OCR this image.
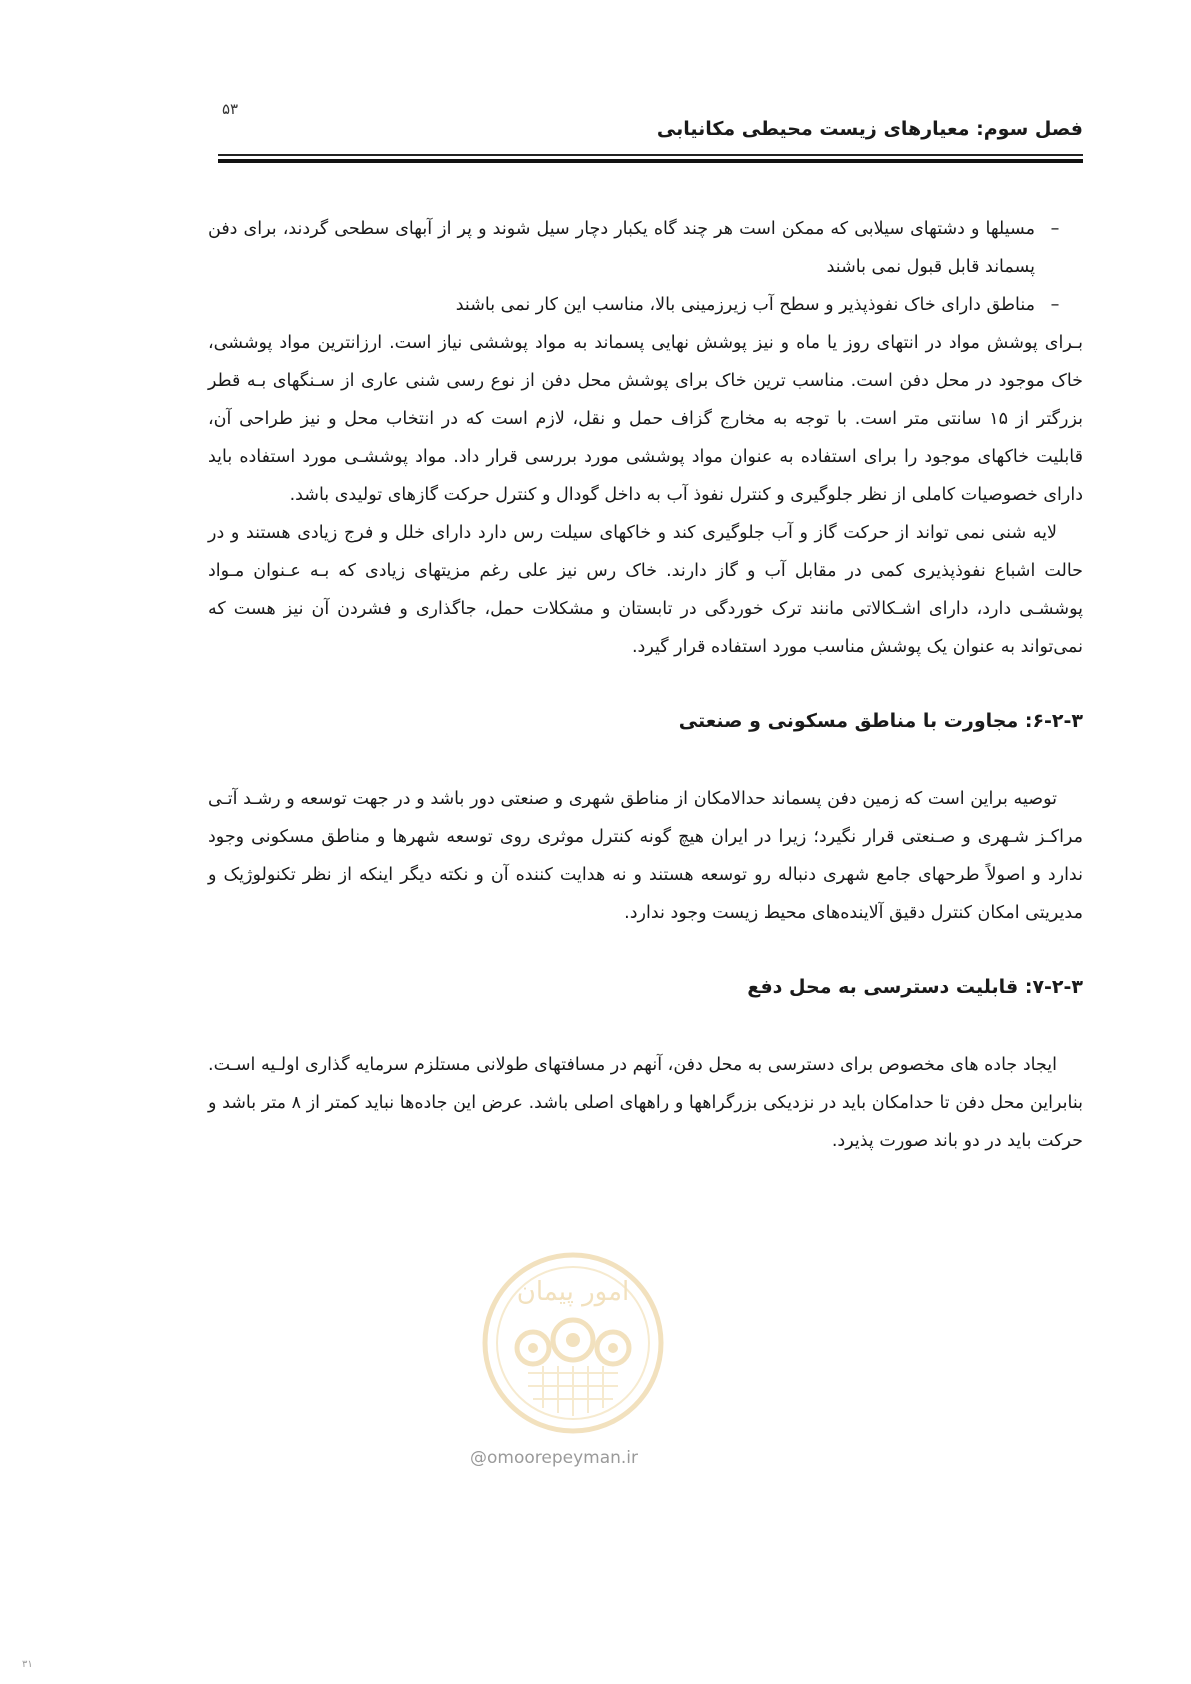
۵۳
فصل سوم: معیارهای زیست محیطی مکانیابی
–
مسیلها و دشتهای سیلابی که ممکن است هر چند گاه یکبار دچار سیل شوند و پر از آبهای سطحی گردند، برای دفن پسماند قابل قبول نمی باشند
–
مناطق دارای خاک نفوذپذیر و سطح آب زیرزمینی بالا، مناسب این کار نمی باشند

بـرای پوشش مواد در انتهای روز یا ماه و نیز پوشش نهایی پسماند به مواد پوششی نیاز است. ارزانترین مواد پوششی، خاک موجود در محل دفن است. مناسب ترین خاک برای پوشش محل دفن از نوع رسی شنی عاری از سـنگهای بـه قطر بزرگتر از ۱۵ سانتی متر است. با توجه به مخارج گزاف حمل و نقل، لازم است که در انتخاب محل و نیز طراحی آن، قابلیت خاکهای موجود را برای استفاده به عنوان مواد پوششی مورد بررسی قرار داد. مواد پوششـی مورد استفاده باید دارای خصوصیات کاملی از نظر جلوگیری و کنترل نفوذ آب به داخل گودال و کنترل حرکت گازهای تولیدی باشد.

لایه شنی نمی تواند از حرکت گاز و آب جلوگیری کند و خاکهای سیلت رس دارد دارای خلل و فرج زیادی هستند و در حالت اشباع نفوذپذیری کمی در مقابل آب و گاز دارند. خاک رس نیز علی رغم مزیتهای زیادی که بـه عـنوان مـواد پوششـی دارد، دارای اشـکالاتی مانند ترک خوردگی در تابستان و مشکلات حمل، جاگذاری و فشردن آن نیز هست که نمی‌تواند به عنوان یک پوشش مناسب مورد استفاده قرار گیرد.

۶-۲-۳: مجاورت با مناطق مسکونی و صنعتی

توصیه براین است که زمین دفن پسماند حدالامکان از مناطق شهری و صنعتی دور باشد و در جهت توسعه و رشـد آتـی مراکـز شـهری و صـنعتی قرار نگیرد؛ زیرا در ایران هیچ گونه کنترل موثری روی توسعه شهرها و مناطق مسکونی وجود ندارد و اصولاً طرحهای جامع شهری دنباله رو توسعه هستند و نه هدایت کننده آن و نکته دیگر اینکه از نظر تکنولوژیک و مدیریتی امکان کنترل دقیق آلاینده‌های محیط زیست وجود ندارد.

۷-۲-۳: قابلیت دسترسی به محل دفع

ایجاد جاده های مخصوص برای دسترسی به محل دفن، آنهم در مسافتهای طولانی مستلزم سرمایه گذاری اولـیه اسـت. بنابراین محل دفن تا حدامکان باید در نزدیکی بزرگراهها و راههای اصلی باشد. عرض این جاده‌ها نباید کمتر از ۸ متر باشد و حرکت باید در دو باند صورت پذیرد.

امور پیمان
@omoorepeyman.ir
۳۱
